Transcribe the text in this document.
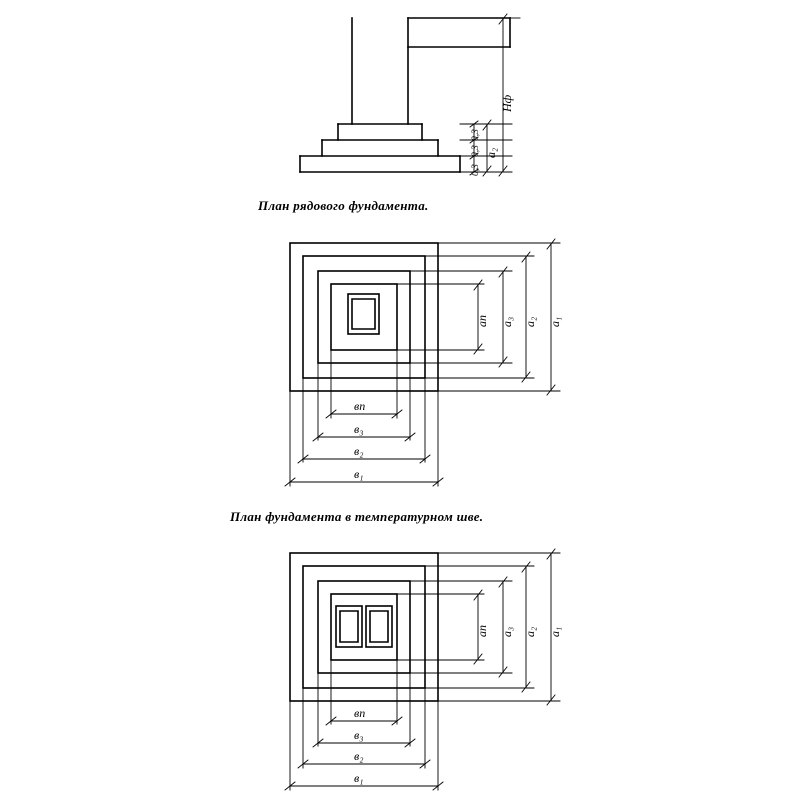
План рядового фундамента.
План фундамента в температурном шве.
Нф
а₂
0,3
0,3
0,3
ап а₃ а₂ а₁
вп
в₃
в₂
в₁
ап а₃ а₂ а₁
вп
в₃
в₂
в₁
